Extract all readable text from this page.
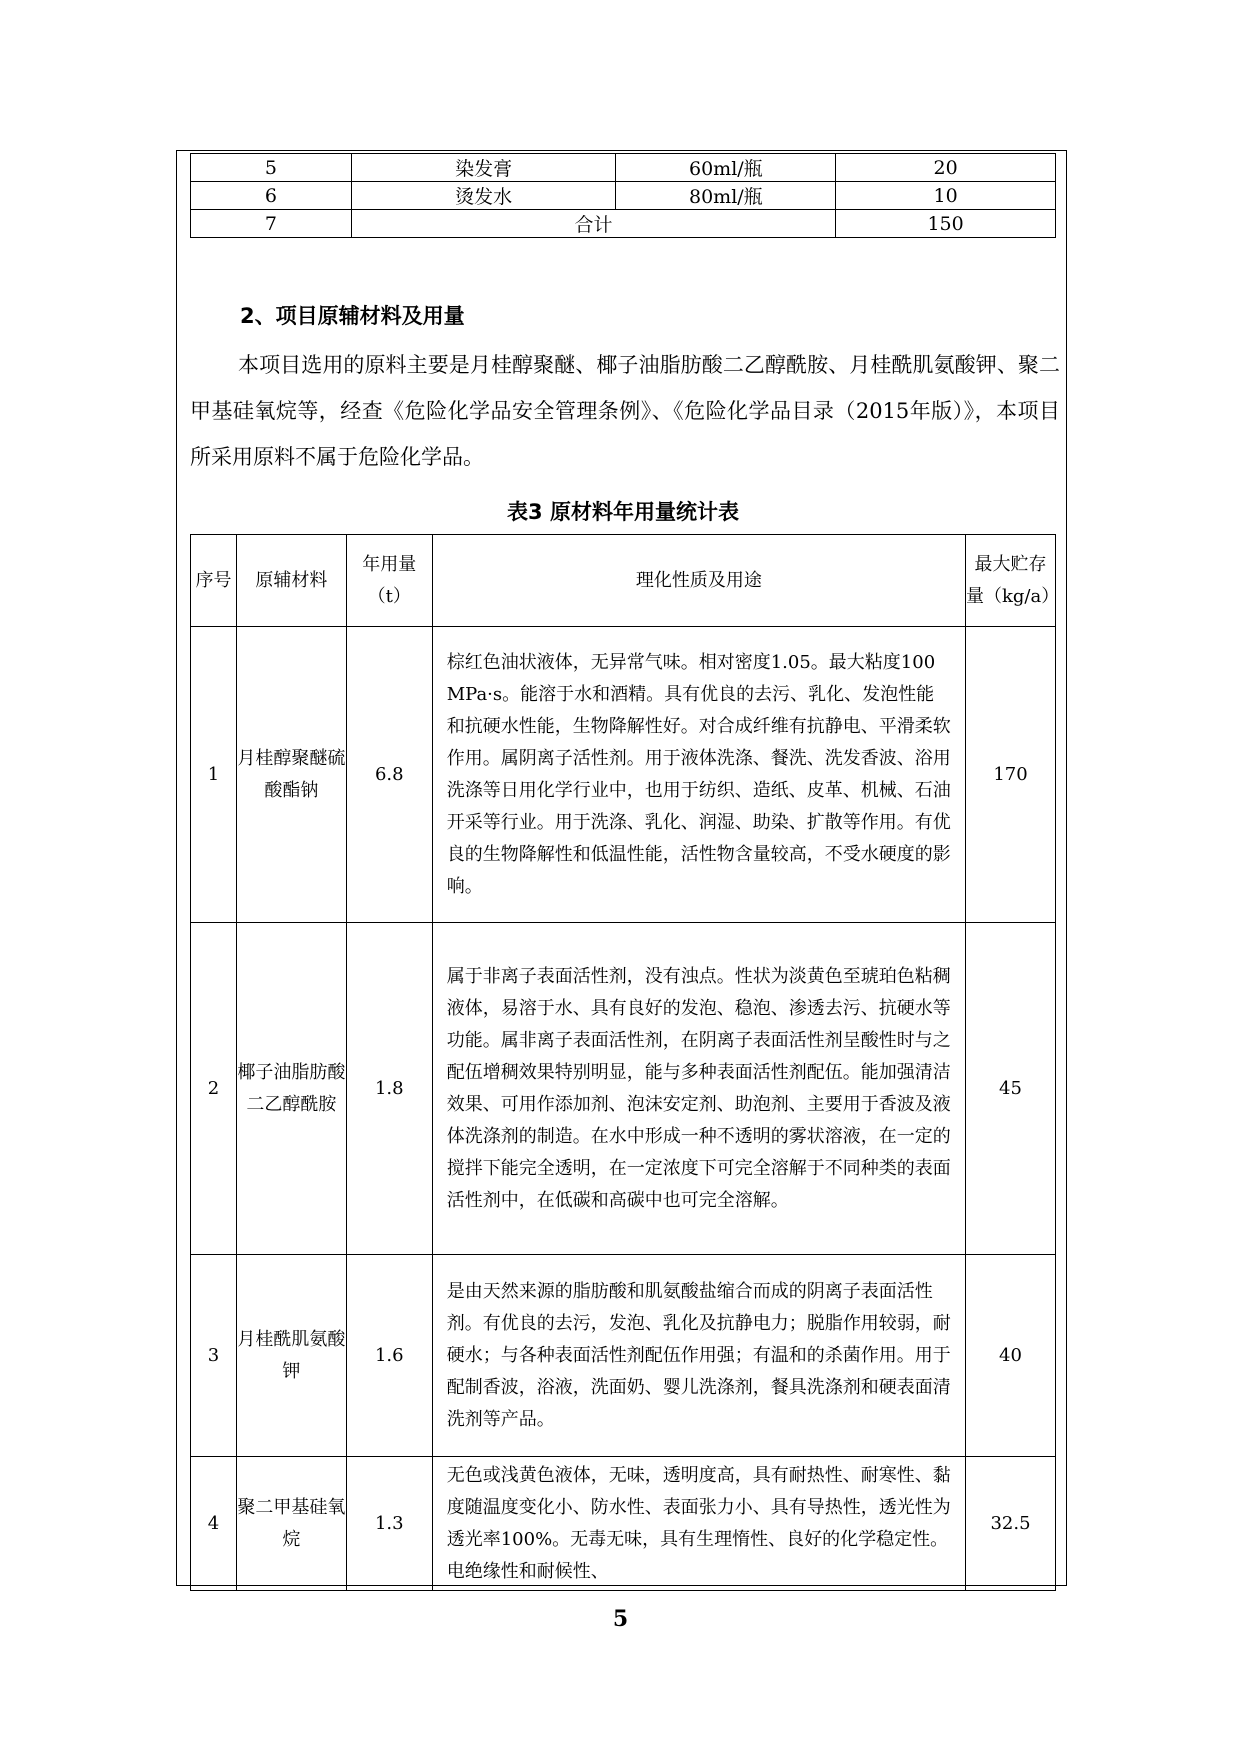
5	染发膏	60ml/瓶	20
6	烫发水	80ml/瓶	10
7	合计		150
2、项目原辅材料及用量

本项目选用的原料主要是月桂醇聚醚、椰子油脂肪酸二乙醇酰胺、月桂酰肌氨酸钾、聚二甲基硅氧烷等，经查《危险化学品安全管理条例》、《危险化学品目录（2015年版）》，本项目所采用原料不属于危险化学品。

表3 原材料年用量统计表
序号	原辅材料	年用量（t）	理化性质及用途	最大贮存量（kg/a）
1	月桂醇聚醚硫酸酯钠	6.8	棕红色油状液体，无异常气味。相对密度1.05。最大粘度100 MPa·s。能溶于水和酒精。具有优良的去污、乳化、发泡性能和抗硬水性能，生物降解性好。对合成纤维有抗静电、平滑柔软作用。属阴离子活性剂。用于液体洗涤、餐洗、洗发香波、浴用洗涤等日用化学行业中，也用于纺织、造纸、皮革、机械、石油开采等行业。用于洗涤、乳化、润湿、助染、扩散等作用。有优良的生物降解性和低温性能，活性物含量较高，不受水硬度的影响。	170
2	椰子油脂肪酸二乙醇酰胺	1.8	属于非离子表面活性剂，没有浊点。性状为淡黄色至琥珀色粘稠液体，易溶于水、具有良好的发泡、稳泡、渗透去污、抗硬水等功能。属非离子表面活性剂，在阴离子表面活性剂呈酸性时与之配伍增稠效果特别明显，能与多种表面活性剂配伍。能加强清洁效果、可用作添加剂、泡沫安定剂、助泡剂、主要用于香波及液体洗涤剂的制造。在水中形成一种不透明的雾状溶液，在一定的搅拌下能完全透明，在一定浓度下可完全溶解于不同种类的表面活性剂中，在低碳和高碳中也可完全溶解。	45
3	月桂酰肌氨酸钾	1.6	是由天然来源的脂肪酸和肌氨酸盐缩合而成的阴离子表面活性剂。有优良的去污，发泡、乳化及抗静电力；脱脂作用较弱，耐硬水；与各种表面活性剂配伍作用强；有温和的杀菌作用。用于配制香波，浴液，洗面奶、婴儿洗涤剂，餐具洗涤剂和硬表面清洗剂等产品。	40
4	聚二甲基硅氧烷	1.3	无色或浅黄色液体，无味，透明度高，具有耐热性、耐寒性、黏度随温度变化小、防水性、表面张力小、具有导热性，透光性为透光率100%。无毒无味，具有生理惰性、良好的化学稳定性。电绝缘性和耐候性、	32.5
5
